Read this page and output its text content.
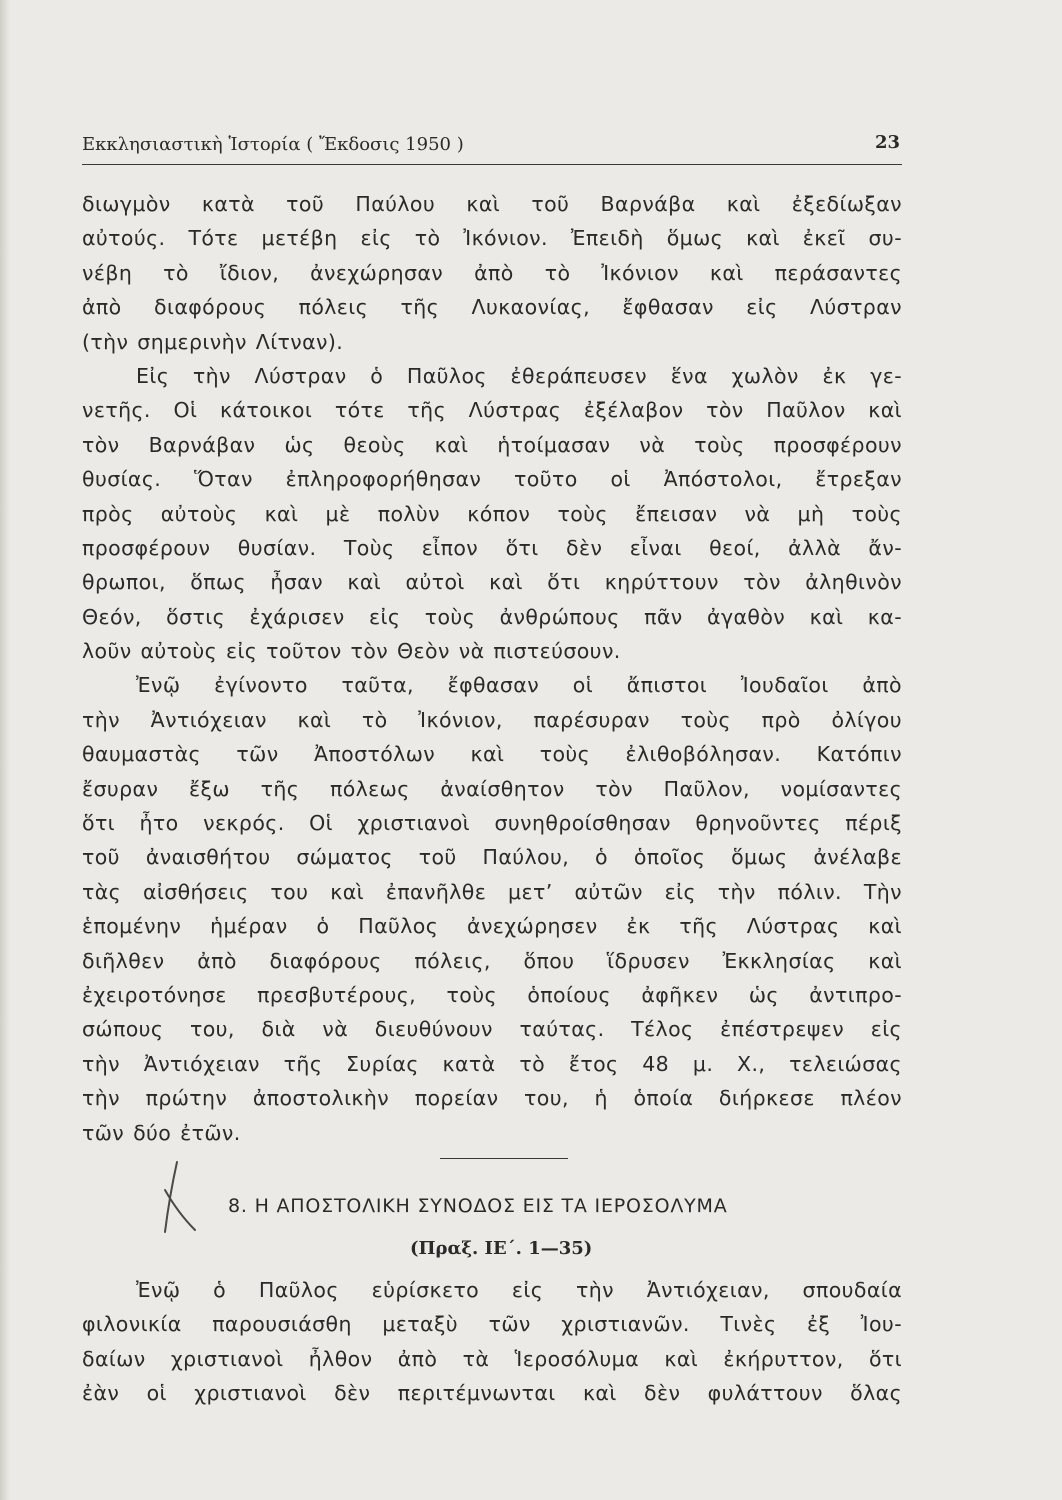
Εκκλησιαστικὴ Ἱστορία ( Ἔκδοσις 1950 )	23
διωγμὸν κατὰ τοῦ Παύλου καὶ τοῦ Βαρνάβα καὶ ἐξεδίωξαν
αὐτούς. Τότε μετέβη εἰς τὸ Ἰκόνιον. Ἐπειδὴ ὅμως καὶ ἐκεῖ συ-
νέβη τὸ ἴδιον, ἀνεχώρησαν ἀπὸ τὸ Ἰκόνιον καὶ περάσαντες
ἀπὸ διαφόρους πόλεις τῆς Λυκαονίας, ἔφθασαν εἰς Λύστραν
(τὴν σημερινὴν Λίτναν).
Εἰς τὴν Λύστραν ὁ Παῦλος ἐθεράπευσεν ἕνα χωλὸν ἐκ γε-
νετῆς. Οἱ κάτοικοι τότε τῆς Λύστρας ἐξέλαβον τὸν Παῦλον καὶ
τὸν Βαρνάβαν ὡς θεοὺς καὶ ἡτοίμασαν νὰ τοὺς προσφέρουν
θυσίας. Ὅταν ἐπληροφορήθησαν τοῦτο οἱ Ἀπόστολοι, ἔτρεξαν
πρὸς αὐτοὺς καὶ μὲ πολὺν κόπον τοὺς ἔπεισαν νὰ μὴ τοὺς
προσφέρουν θυσίαν. Τοὺς εἶπον ὅτι δὲν εἶναι θεοί, ἀλλὰ ἄν-
θρωποι, ὅπως ἦσαν καὶ αὐτοὶ καὶ ὅτι κηρύττουν τὸν ἀληθινὸν
Θεόν, ὅστις ἐχάρισεν εἰς τοὺς ἀνθρώπους πᾶν ἀγαθὸν καὶ κα-
λοῦν αὐτοὺς εἰς τοῦτον τὸν Θεὸν νὰ πιστεύσουν.
Ἐνῷ ἐγίνοντο ταῦτα, ἔφθασαν οἱ ἄπιστοι Ἰουδαῖοι ἀπὸ
τὴν Ἀντιόχειαν καὶ τὸ Ἰκόνιον, παρέσυραν τοὺς πρὸ ὀλίγου
θαυμαστὰς τῶν Ἀποστόλων καὶ τοὺς ἐλιθοβόλησαν. Κατόπιν
ἔσυραν ἔξω τῆς πόλεως ἀναίσθητον τὸν Παῦλον, νομίσαντες
ὅτι ἦτο νεκρός. Οἱ χριστιανοὶ συνηθροίσθησαν θρηνοῦντες πέριξ
τοῦ ἀναισθήτου σώματος τοῦ Παύλου, ὁ ὁποῖος ὅμως ἀνέλαβε
τὰς αἰσθήσεις του καὶ ἐπανῆλθε μετ’ αὐτῶν εἰς τὴν πόλιν. Τὴν
ἑπομένην ἡμέραν ὁ Παῦλος ἀνεχώρησεν ἐκ τῆς Λύστρας καὶ
διῆλθεν ἀπὸ διαφόρους πόλεις, ὅπου ἵδρυσεν Ἐκκλησίας καὶ
ἐχειροτόνησε πρεσβυτέρους, τοὺς ὁποίους ἀφῆκεν ὡς ἀντιπρο-
σώπους του, διὰ νὰ διευθύνουν ταύτας. Τέλος ἐπέστρεψεν εἰς
τὴν Ἀντιόχειαν τῆς Συρίας κατὰ τὸ ἔτος 48 μ. Χ., τελειώσας
τὴν πρώτην ἀποστολικὴν πορείαν του, ἡ ὁποία διήρκεσε πλέον
τῶν δύο ἐτῶν.
8. Η ΑΠΟΣΤΟΛΙΚΗ ΣΥΝΟΔΟΣ ΕΙΣ ΤΑ ΙΕΡΟΣΟΛΥΜΑ
(Πραξ. ΙΕ΄. 1—35)
Ἐνῷ ὁ Παῦλος εὑρίσκετο εἰς τὴν Ἀντιόχειαν, σπουδαία
φιλονικία παρουσιάσθη μεταξὺ τῶν χριστιανῶν. Τινὲς ἐξ Ἰου-
δαίων χριστιανοὶ ἦλθον ἀπὸ τὰ Ἱεροσόλυμα καὶ ἐκήρυττον, ὅτι
ἐὰν οἱ χριστιανοὶ δὲν περιτέμνωνται καὶ δὲν φυλάττουν ὅλας
